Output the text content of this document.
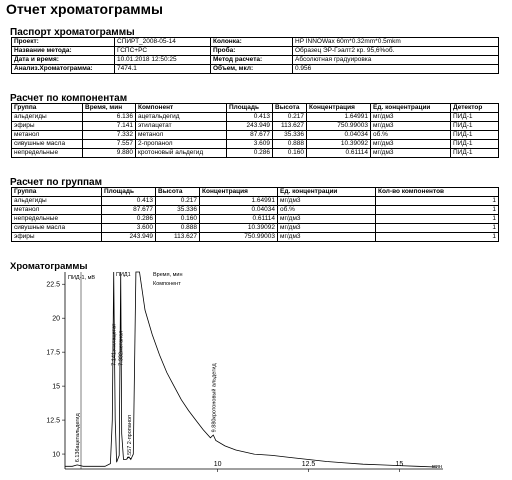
Отчет хроматограммы
Паспорт хроматограммы
Проект:	СПИРТ_2008-05-14	Колонка:	HP INNOWax 60m*0.32mm*0.5mkm
Название метода:	ГСПС+РС	Проба:	Образец ЭР-Гэалт2 кр. 95,6%об.
Дата и время:	10.01.2018 12:50:25	Метод расчета:	Абсолютная градуировка
Анализ.Хроматограмма:	7474.1	Объем, мкл:	0.956
Расчет по компонентам
Группа	Время, мин	Компонент	Площадь	Высота	Концентрация	Ед. концентрации	Детектор
альдегиды	6.136	ацетальдегид	0.413	0.217	1.64991	мг/дм3	ПИД-1
эфиры	7.141	этилацетат	243.949	113.627	750.99003	мг/дм3	ПИД-1
метанол	7.332	метанол	87.677	35.336	0.04034	об.%	ПИД-1
сивушные масла	7.557	2-пропанол	3.609	0.888	10.39092	мг/дм3	ПИД-1
непредельные	9.880	кротоновый альдегид	0.286	0.160	0.61114	мг/дм3	ПИД-1
Расчет по группам
Группа	Площадь	Высота	Концентрация	Ед. концентрации	Кол-во компонентов
альдегиды	0.413	0.217	1.64991	мг/дм3	1
метанол	87.677	35.336	0.04034	об.%	1
непредельные	0.286	0.160	0.61114	мг/дм3	1
сивушные масла	3.600	0.888	10.39092	мг/дм3	1
эфиры	243.949	113.627	750.99003	мг/дм3	1
Хроматограммы
10
12.5
15
17.5
20
22.5
10	12.5	15
ПИД-1, мВ	ПИД1	Время, мин
Компонент
мин
6.136ацетальдегид
7.141этилацетат 7.332метанол
7.557 2-пропанол
9.880кротоновый альдегид
